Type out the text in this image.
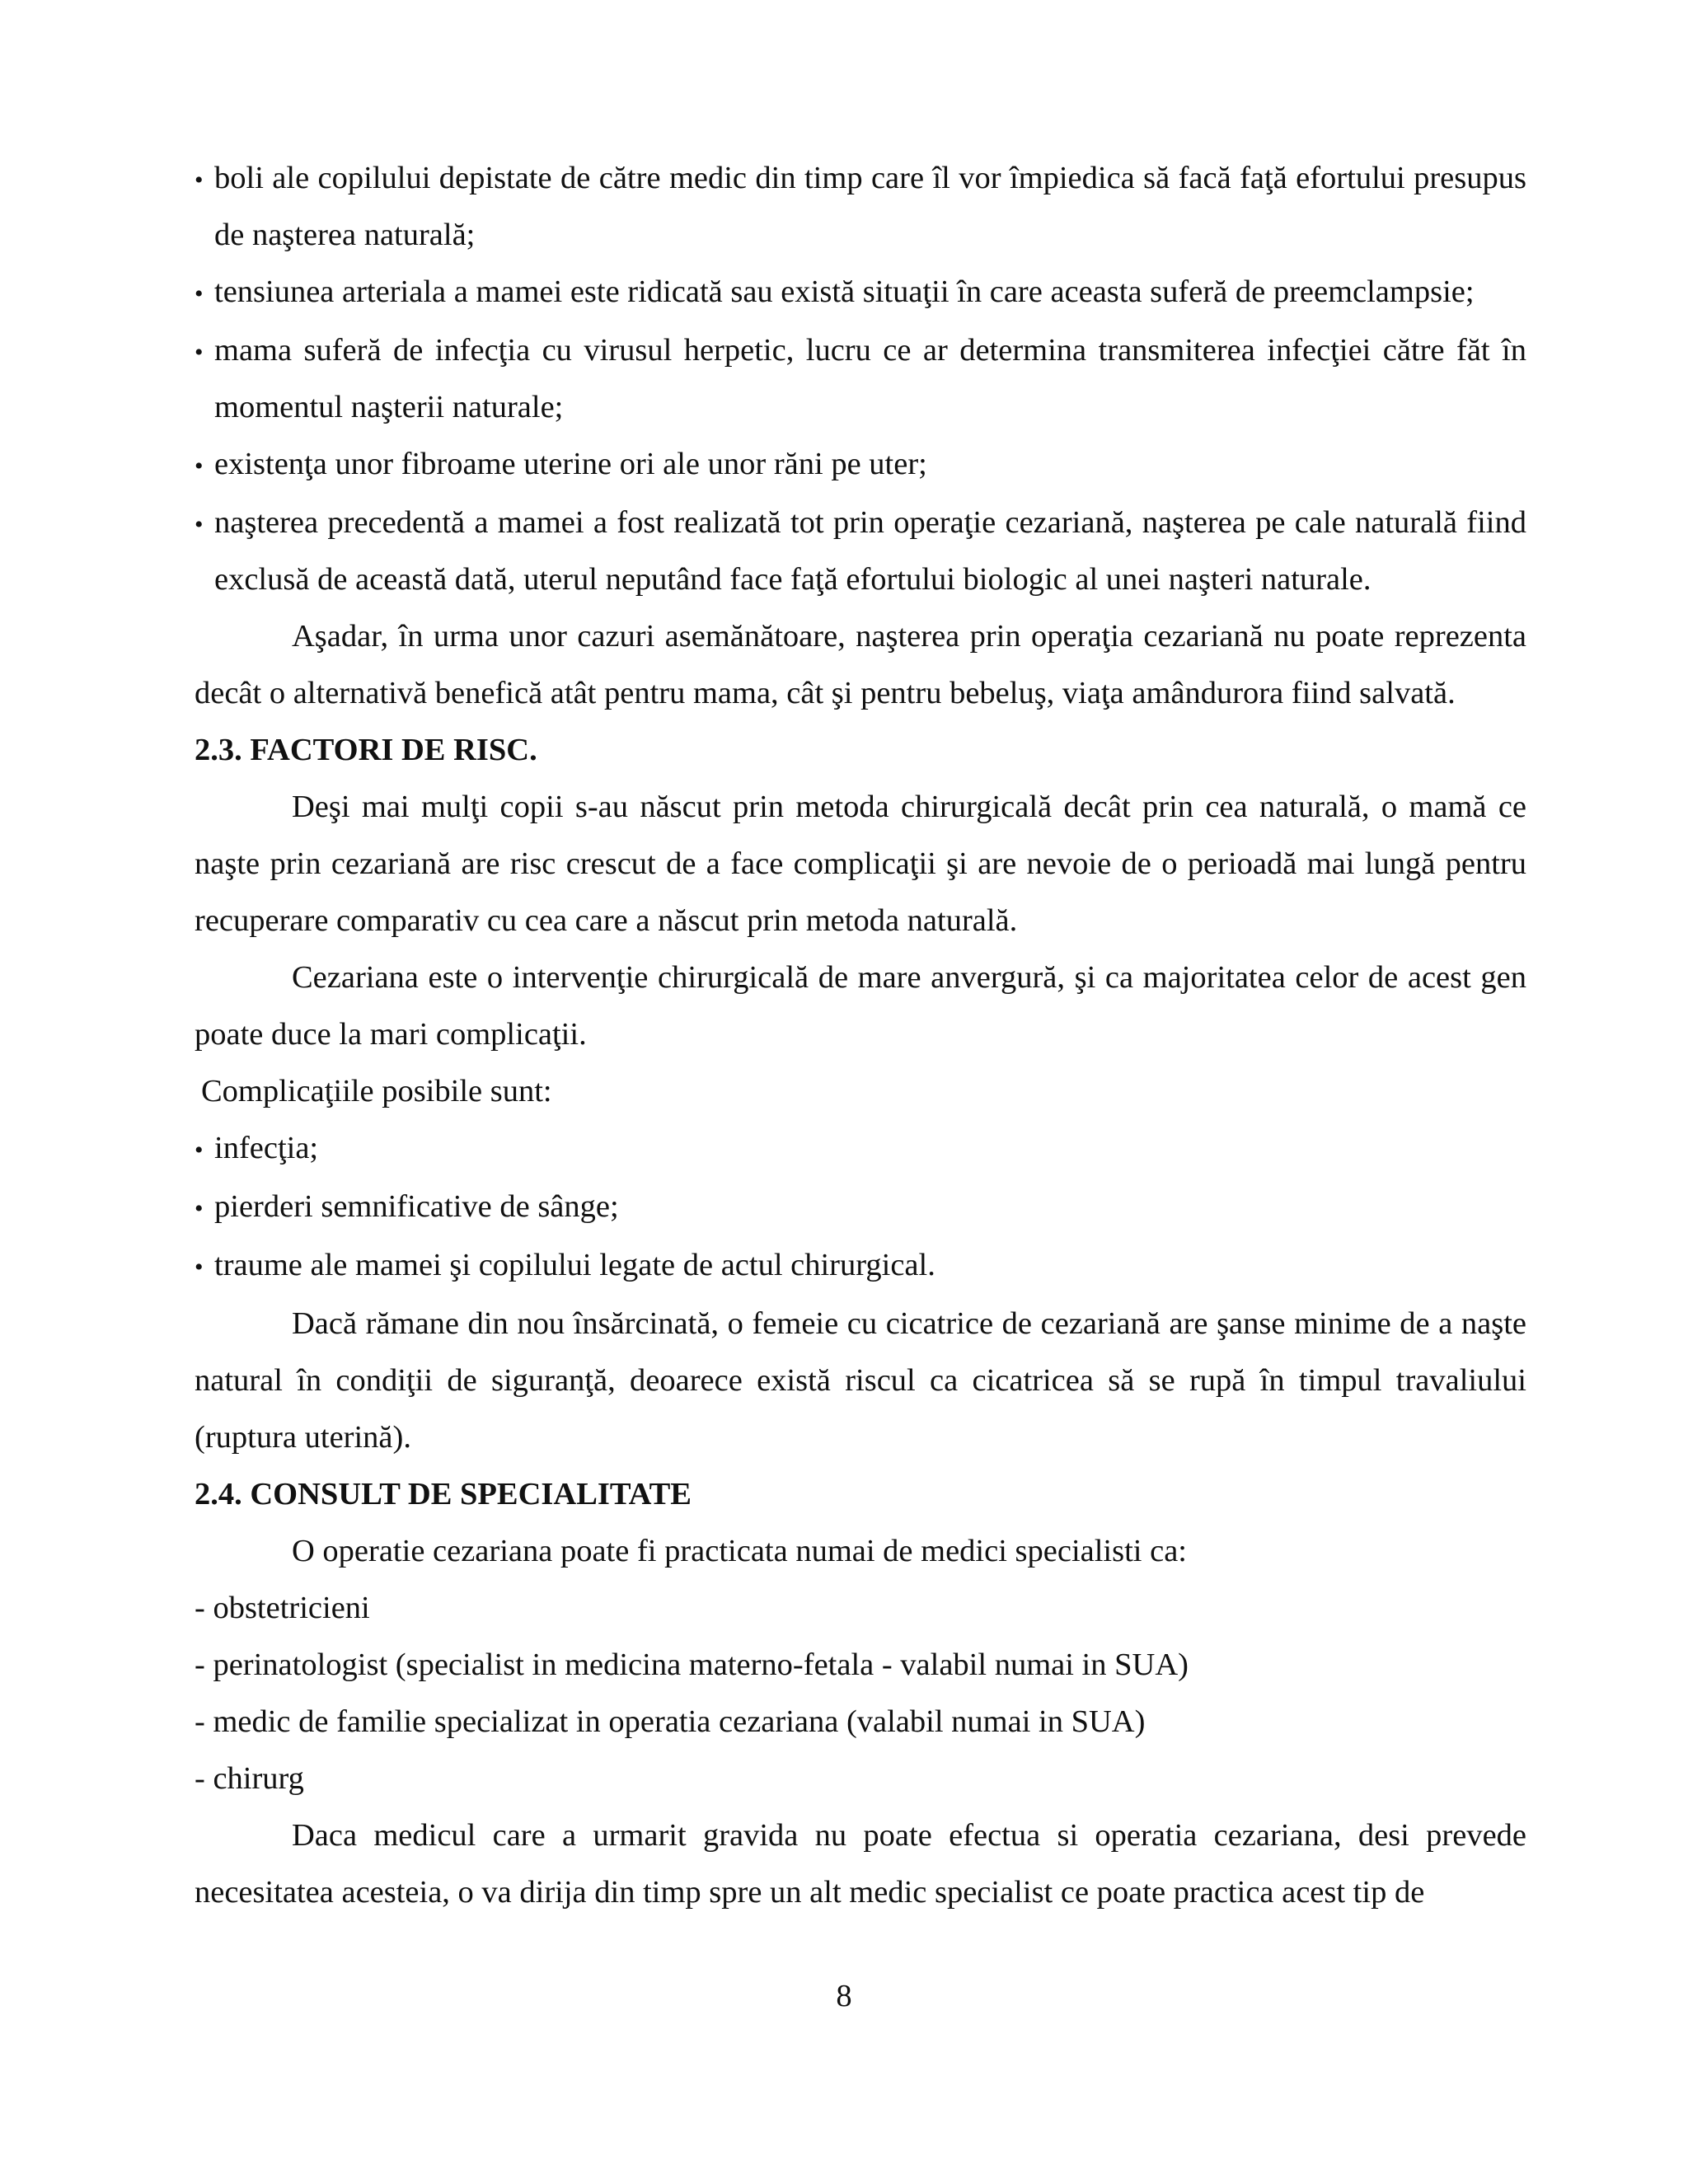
• boli ale copilului depistate de către medic din timp care îl vor împiedica să facă faţă efortului presupus de naşterea naturală;

• tensiunea arteriala a mamei este ridicată sau există situaţii în care aceasta suferă de preemclampsie;

• mama suferă de infecţia cu virusul herpetic, lucru ce ar determina transmiterea infecţiei către făt în momentul naşterii naturale;

• existenţa unor fibroame uterine ori ale unor răni pe uter;

• naşterea precedentă a mamei a fost realizată tot prin operaţie cezariană, naşterea pe cale naturală fiind exclusă de această dată, uterul neputând face faţă efortului biologic al unei naşteri naturale.

Aşadar, în urma unor cazuri asemănătoare, naşterea prin operaţia cezariană nu poate reprezenta decât o alternativă benefică atât pentru mama, cât şi pentru bebeluş, viaţa amândurora fiind salvată.

2.3. FACTORI DE RISC.

Deşi mai mulţi copii s-au născut prin metoda chirurgicală decât prin cea naturală, o mamă ce naşte prin cezariană are risc crescut de a face complicaţii şi are nevoie de o perioadă mai lungă pentru recuperare comparativ cu cea care a născut prin metoda naturală.

Cezariana este o intervenţie chirurgicală de mare anvergură, şi ca majoritatea celor de acest gen poate duce la mari complicaţii.

Complicaţiile posibile sunt:

• infecţia;

• pierderi semnificative de sânge;

• traume ale mamei şi copilului legate de actul chirurgical.

Dacă rămane din nou însărcinată, o femeie cu cicatrice de cezariană are şanse minime de a naşte natural în condiţii de siguranţă, deoarece există riscul ca cicatricea să se rupă în timpul travaliului (ruptura uterină).

2.4. CONSULT DE SPECIALITATE

O operatie cezariana poate fi practicata numai de medici specialisti ca:

- obstetricieni

- perinatologist (specialist in medicina materno-fetala - valabil numai in SUA)

- medic de familie specializat in operatia cezariana (valabil numai in SUA)

- chirurg

Daca medicul care a urmarit gravida nu poate efectua si operatia cezariana, desi prevede necesitatea acesteia, o va dirija din timp spre un alt medic specialist ce poate practica acest tip de

8
